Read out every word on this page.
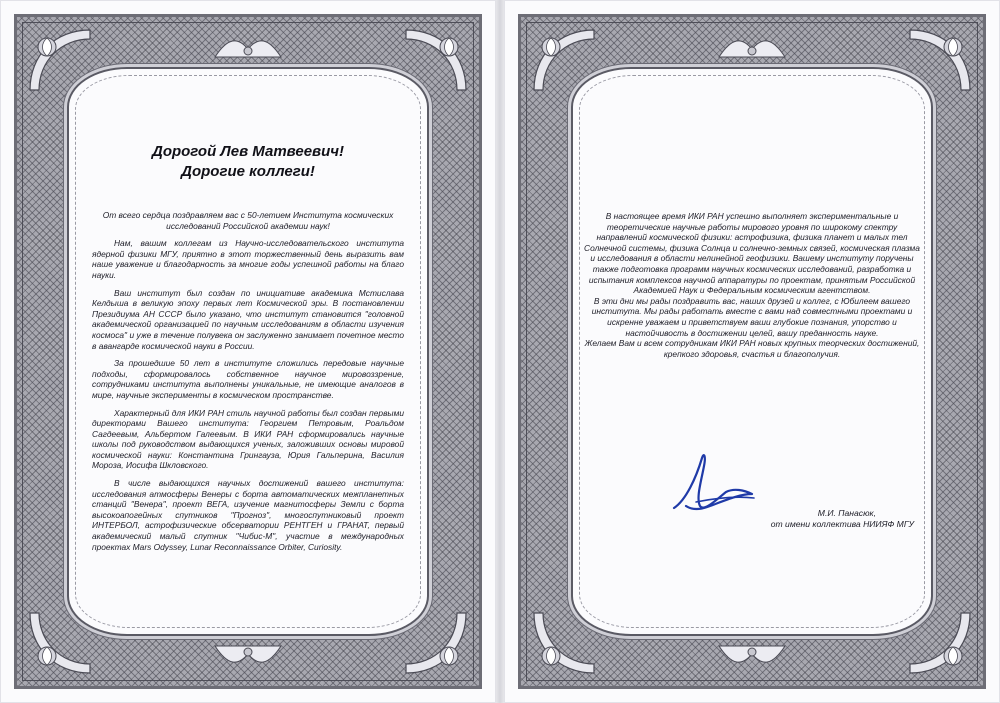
Дорогой Лев Матвеевич!
Дорогие коллеги!

От всего сердца поздравляем вас с 50-летием Института космических исследований Российской академии наук!

Нам, вашим коллегам из Научно-исследовательского института ядерной физики МГУ, приятно в этот торжественный день выразить вам наше уважение и благодарность за многие годы успешной работы на благо науки.

Ваш институт был создан по инициативе академика Мстислава Келдыша в великую эпоху первых лет Космической эры. В постановлении Президиума АН СССР было указано, что институт становится "головной академической организацией по научным исследованиям в области изучения космоса" и уже в течение полувека он заслуженно занимает почетное место в авангарде космической науки в России.

За прошедшие 50 лет в институте сложились передовые научные подходы, сформировалось собственное научное мировоззрение, сотрудниками института выполнены уникальные, не имеющие аналогов в мире, научные эксперименты в космическом пространстве.

Характерный для ИКИ РАН стиль научной работы был создан первыми директорами Вашего института: Георгием Петровым, Роальдом Сагдеевым, Альбертом Галеевым. В ИКИ РАН сформировались научные школы под руководством выдающихся ученых, заложивших основы мировой космической науки: Константина Грингауза, Юрия Гальперина, Василия Мороза, Иосифа Шкловского.

В числе выдающихся научных достижений вашего института: исследования атмосферы Венеры с борта автоматических межпланетных станций "Венера", проект ВЕГА, изучение магнитосферы Земли с борта высокоапогейных спутников "Прогноз", многоспутниковый проект ИНТЕРБОЛ, астрофизические обсерватории РЕНТГЕН и ГРАНАТ, первый академический малый спутник "Чибис-М", участие в международных проектах Mars Odyssey, Lunar Reconnaissance Orbiter, Curiosity.

В настоящее время ИКИ РАН успешно выполняет экспериментальные и теоретические научные работы мирового уровня по широкому спектру направлений космической физики: астрофизика, физика планет и малых тел Солнечной системы, физика Солнца и солнечно-земных связей, космическая плазма и исследования в области нелинейной геофизики. Вашему институту поручены также подготовка программ научных космических исследований, разработка и испытания комплексов научной аппаратуры по проектам, принятым Российской Академией Наук и Федеральным космическим агентством.

В эти дни мы рады поздравить вас, наших друзей и коллег, с Юбилеем вашего института. Мы рады работать вместе с вами над совместными проектами и искренне уважаем и приветствуем ваши глубокие познания, упорство и настойчивость в достижении целей, вашу преданность науке.

Желаем Вам и всем сотрудникам ИКИ РАН новых крупных теорческих достижений, крепкого здоровья, счастья и благополучия.

М.И. Панасюк,
от имени коллектива НИИЯФ МГУ
